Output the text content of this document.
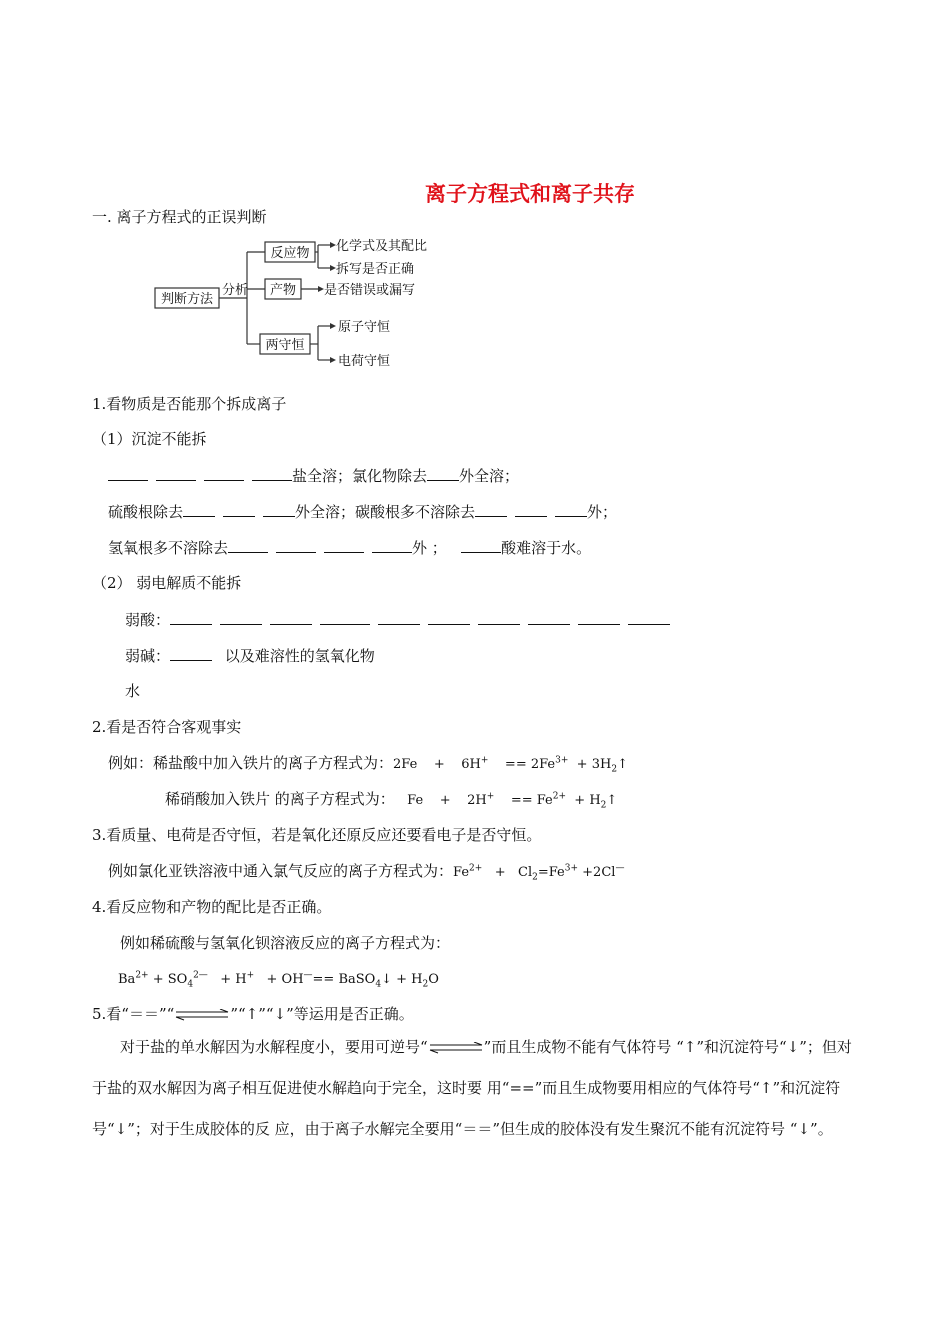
离子方程式和离子共存
一. 离子方程式的正误判断
判断方法
分析
反应物
产物
两守恒
化学式及其配比
拆写是否正确
是否错误或漏写
原子守恒
电荷守恒
1.看物质是否能那个拆成离子
（1）沉淀不能拆
盐全溶；氯化物除去 外全溶；
硫酸根除去	外全溶；碳酸根多不溶除去	外；
氢氧根多不溶除去	外 ；	酸难溶于水。
（2） 弱电解质不能拆
弱酸：
弱碱：	以及难溶性的氢氧化物
水
2.看是否符合客观事实
例如：稀盐酸中加入铁片的离子方程式为：2Fe    +    6H+    == $2Fe^{3+}$  + $3H_2↑$
稀硝酸加入铁片 的离子方程式为：   Fe    +    2H+    == $Fe^{2+}$  + $H_2↑$
3.看质量、电荷是否守恒，若是氧化还原反应还要看电子是否守恒。
例如氯化亚铁溶液中通入氯气反应的离子方程式为：$Fe^{2+} + Cl_2=Fe^{3+} +2Cl^—$
4.看反应物和产物的配比是否正确。
例如稀硫酸与氢氧化钡溶液反应的离子方程式为：
$Ba^{2+} + SO_4^{2—} + H^+ + OH^—==$ BaSO$_4$↓ + $H_2O$
5.看“＝＝”“⇌”“↑”“↓”等运用是否正确。
对于盐的单水解因为水解程度小，要用可逆号“⇌”而且生成物不能有气体符号 “↑”和沉淀符号“↓”；但对于盐的双水解因为离子相互促进使水解趋向于完全，这时要 用“==”而且生成物要用相应的气体符号“↑”和沉淀符号“↓”；对于生成胶体的反 应，由于离子水解完全要用“＝＝”但生成的胶体没有发生聚沉不能有沉淀符号 “↓”。
